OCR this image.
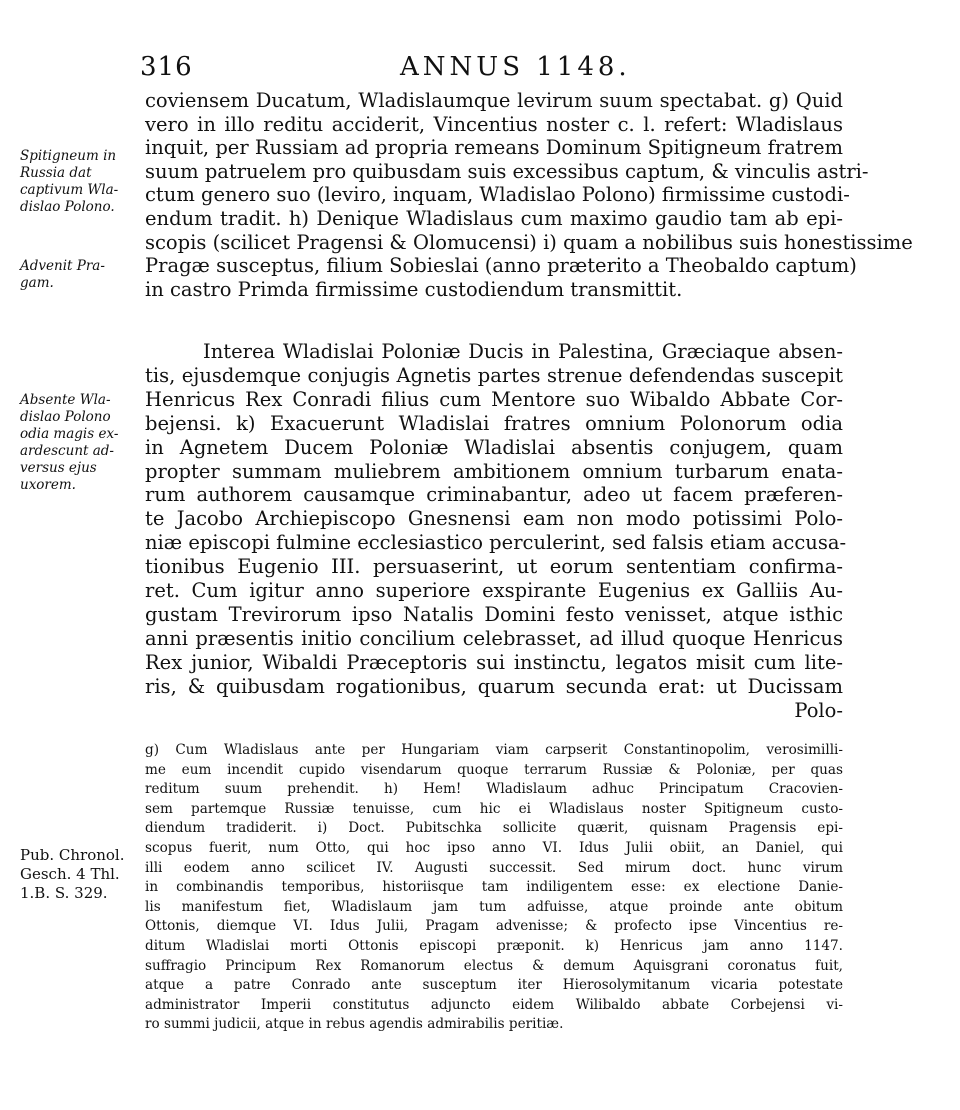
316	ANNUS 1148.
Spitigneum in
Russia dat
captivum Wla-
dislao Polono.
Advenit Pra-
gam.
Absente Wla-
dislao Polono
odia magis ex-
ardescunt ad-
versus ejus
uxorem.
Pub. Chronol.
Gesch. 4 Thl.
1.B. S. 329.
coviensem Ducatum, Wladislaumque levirum suum spectabat. g) Quid
vero in illo reditu acciderit, Vincentius noster c. l. refert: Wladislaus
inquit, per Russiam ad propria remeans Dominum Spitigneum fratrem
suum patruelem pro quibusdam suis excessibus captum, & vinculis astri-
ctum genero suo (leviro, inquam, Wladislao Polono) firmissime custodi-
endum tradit. h) Denique Wladislaus cum maximo gaudio tam ab epi-
scopis (scilicet Pragensi & Olomucensi) i) quam a nobilibus suis honestissime
Pragæ susceptus, filium Sobieslai (anno præterito a Theobaldo captum)
in castro Primda firmissime custodiendum transmittit.
Interea Wladislai Poloniæ Ducis in Palestina, Græciaque absen-
tis, ejusdemque conjugis Agnetis partes strenue defendendas suscepit
Henricus Rex Conradi filius cum Mentore suo Wibaldo Abbate Cor-
bejensi. k) Exacuerunt Wladislai fratres omnium Polonorum odia
in Agnetem Ducem Poloniæ Wladislai absentis conjugem, quam
propter summam muliebrem ambitionem omnium turbarum enata-
rum authorem causamque criminabantur, adeo ut facem præferen-
te Jacobo Archiepiscopo Gnesnensi eam non modo potissimi Polo-
niæ episcopi fulmine ecclesiastico perculerint, sed falsis etiam accusa-
tionibus Eugenio III. persuaserint, ut eorum sententiam confirma-
ret. Cum igitur anno superiore exspirante Eugenius ex Galliis Au-
gustam Trevirorum ipso Natalis Domini festo venisset, atque isthic
anni præsentis initio concilium celebrasset, ad illud quoque Henricus
Rex junior, Wibaldi Præceptoris sui instinctu, legatos misit cum lite-
ris, & quibusdam rogationibus, quarum secunda erat: ut Ducissam
Polo-
g) Cum Wladislaus ante per Hungariam viam carpserit Constantinopolim, verosimilli-
me eum incendit cupido visendarum quoque terrarum Russiæ & Poloniæ, per quas
reditum suum prehendit. h) Hem! Wladislaum adhuc Principatum Cracovien-
sem partemque Russiæ tenuisse, cum hic ei Wladislaus noster Spitigneum custo-
diendum tradiderit. i) Doct. Pubitschka sollicite quærit, quisnam Pragensis epi-
scopus fuerit, num Otto, qui hoc ipso anno VI. Idus Julii obiit, an Daniel, qui
illi eodem anno scilicet IV. Augusti successit. Sed mirum doct. hunc virum
in combinandis temporibus, historiisque tam indiligentem esse: ex electione Danie-
lis manifestum fiet, Wladislaum jam tum adfuisse, atque proinde ante obitum
Ottonis, diemque VI. Idus Julii, Pragam advenisse; & profecto ipse Vincentius re-
ditum Wladislai morti Ottonis episcopi præponit. k) Henricus jam anno 1147.
suffragio Principum Rex Romanorum electus & demum Aquisgrani coronatus fuit,
atque a patre Conrado ante susceptum iter Hierosolymitanum vicaria potestate
administrator Imperii constitutus adjuncto eidem Wilibaldo abbate Corbejensi vi-
ro summi judicii, atque in rebus agendis admirabilis peritiæ.
